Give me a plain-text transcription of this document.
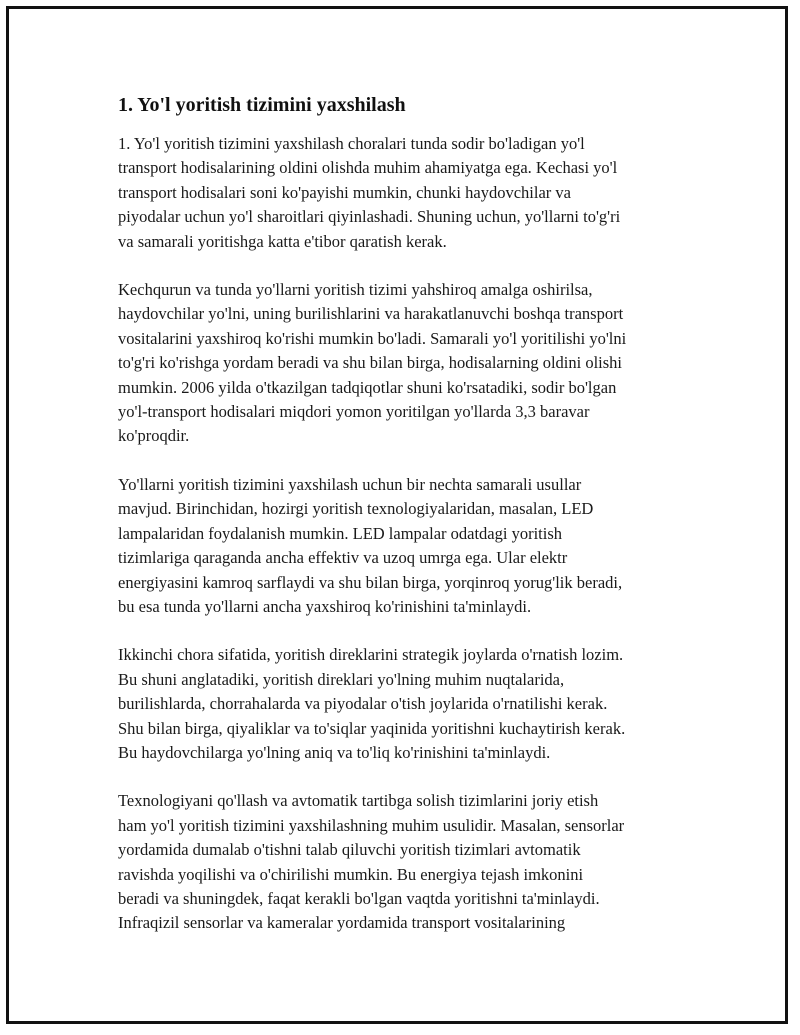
1. Yo'l yoritish tizimini yaxshilash

1. Yo'l yoritish tizimini yaxshilash choralari tunda sodir bo'ladigan yo'l
transport hodisalarining oldini olishda muhim ahamiyatga ega. Kechasi yo'l
transport hodisalari soni ko'payishi mumkin, chunki haydovchilar va
piyodalar uchun yo'l sharoitlari qiyinlashadi. Shuning uchun, yo'llarni to'g'ri
va samarali yoritishga katta e'tibor qaratish kerak.

Kechqurun va tunda yo'llarni yoritish tizimi yahshiroq amalga oshirilsa,
haydovchilar yo'lni, uning burilishlarini va harakatlanuvchi boshqa transport
vositalarini yaxshiroq ko'rishi mumkin bo'ladi. Samarali yo'l yoritilishi yo'lni
to'g'ri ko'rishga yordam beradi va shu bilan birga, hodisalarning oldini olishi
mumkin. 2006 yilda o'tkazilgan tadqiqotlar shuni ko'rsatadiki, sodir bo'lgan
yo'l-transport hodisalari miqdori yomon yoritilgan yo'llarda 3,3 baravar
ko'proqdir.

Yo'llarni yoritish tizimini yaxshilash uchun bir nechta samarali usullar
mavjud. Birinchidan, hozirgi yoritish texnologiyalaridan, masalan, LED
lampalaridan foydalanish mumkin. LED lampalar odatdagi yoritish
tizimlariga qaraganda ancha effektiv va uzoq umrga ega. Ular elektr
energiyasini kamroq sarflaydi va shu bilan birga, yorqinroq yorug'lik beradi,
bu esa tunda yo'llarni ancha yaxshiroq ko'rinishini ta'minlaydi.

Ikkinchi chora sifatida, yoritish direklarini strategik joylarda o'rnatish lozim.
Bu shuni anglatadiki, yoritish direklari yo'lning muhim nuqtalarida,
burilishlarda, chorrahalarda va piyodalar o'tish joylarida o'rnatilishi kerak.
Shu bilan birga, qiyaliklar va to'siqlar yaqinida yoritishni kuchaytirish kerak.
Bu haydovchilarga yo'lning aniq va to'liq ko'rinishini ta'minlaydi.

Texnologiyani qo'llash va avtomatik tartibga solish tizimlarini joriy etish
ham yo'l yoritish tizimini yaxshilashning muhim usulidir. Masalan, sensorlar
yordamida dumalab o'tishni talab qiluvchi yoritish tizimlari avtomatik
ravishda yoqilishi va o'chirilishi mumkin. Bu energiya tejash imkonini
beradi va shuningdek, faqat kerakli bo'lgan vaqtda yoritishni ta'minlaydi.
Infraqizil sensorlar va kameralar yordamida transport vositalarining
